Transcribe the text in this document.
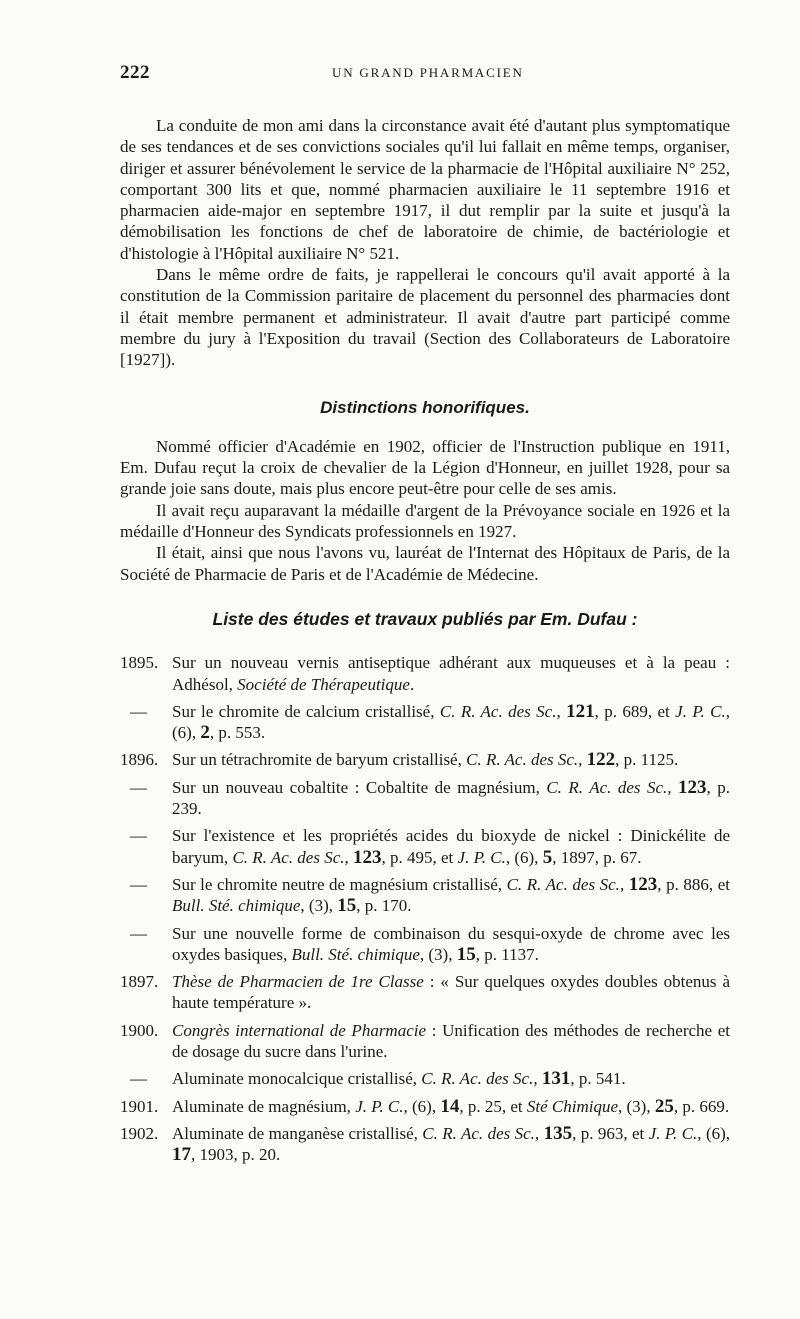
222	UN GRAND PHARMACIEN

La conduite de mon ami dans la circonstance avait été d'autant plus symptomatique de ses tendances et de ses convictions sociales qu'il lui fallait en même temps, organiser, diriger et assurer bénévolement le service de la pharmacie de l'Hôpital auxiliaire N° 252, comportant 300 lits et que, nommé pharmacien auxiliaire le 11 septembre 1916 et pharmacien aide-major en septembre 1917, il dut remplir par la suite et jusqu'à la démobilisation les fonctions de chef de laboratoire de chimie, de bactériologie et d'histologie à l'Hôpital auxiliaire N° 521.

Dans le même ordre de faits, je rappellerai le concours qu'il avait apporté à la constitution de la Commission paritaire de placement du personnel des pharmacies dont il était membre permanent et administrateur. Il avait d'autre part participé comme membre du jury à l'Exposition du travail (Section des Collaborateurs de Laboratoire [1927]).

Distinctions honorifiques.

Nommé officier d'Académie en 1902, officier de l'Instruction publique en 1911, Em. Dufau reçut la croix de chevalier de la Légion d'Honneur, en juillet 1928, pour sa grande joie sans doute, mais plus encore peut-être pour celle de ses amis.

Il avait reçu auparavant la médaille d'argent de la Prévoyance sociale en 1926 et la médaille d'Honneur des Syndicats professionnels en 1927.

Il était, ainsi que nous l'avons vu, lauréat de l'Internat des Hôpitaux de Paris, de la Société de Pharmacie de Paris et de l'Académie de Médecine.

Liste des études et travaux publiés par Em. Dufau :
1895. Sur un nouveau vernis antiseptique adhérant aux muqueuses et à la peau : Adhésol, Société de Thérapeutique.
—	Sur le chromite de calcium cristallisé, C. R. Ac. des Sc., 121, p. 689, et J. P. C., (6), 2, p. 553.
1896. Sur un tétrachromite de baryum cristallisé, C. R. Ac. des Sc., 122, p. 1125.
—	Sur un nouveau cobaltite : Cobaltite de magnésium, C. R. Ac. des Sc., 123, p. 239.
—	Sur l'existence et les propriétés acides du bioxyde de nickel : Dinickélite de baryum, C. R. Ac. des Sc., 123, p. 495, et J. P. C., (6), 5, 1897, p. 67.
—	Sur le chromite neutre de magnésium cristallisé, C. R. Ac. des Sc., 123, p. 886, et Bull. Sté. chimique, (3), 15, p. 170.
—	Sur une nouvelle forme de combinaison du sesqui-oxyde de chrome avec les oxydes basiques, Bull. Sté. chimique, (3), 15, p. 1137.
1897. Thèse de Pharmacien de 1re Classe : « Sur quelques oxydes doubles obtenus à haute température ».
1900. Congrès international de Pharmacie : Unification des méthodes de recherche et de dosage du sucre dans l'urine.
—	Aluminate monocalcique cristallisé, C. R. Ac. des Sc., 131, p. 541.
1901. Aluminate de magnésium, J. P. C., (6), 14, p. 25, et Sté Chimique, (3), 25, p. 669.
1902. Aluminate de manganèse cristallisé, C. R. Ac. des Sc., 135, p. 963, et J. P. C., (6), 17, 1903, p. 20.
